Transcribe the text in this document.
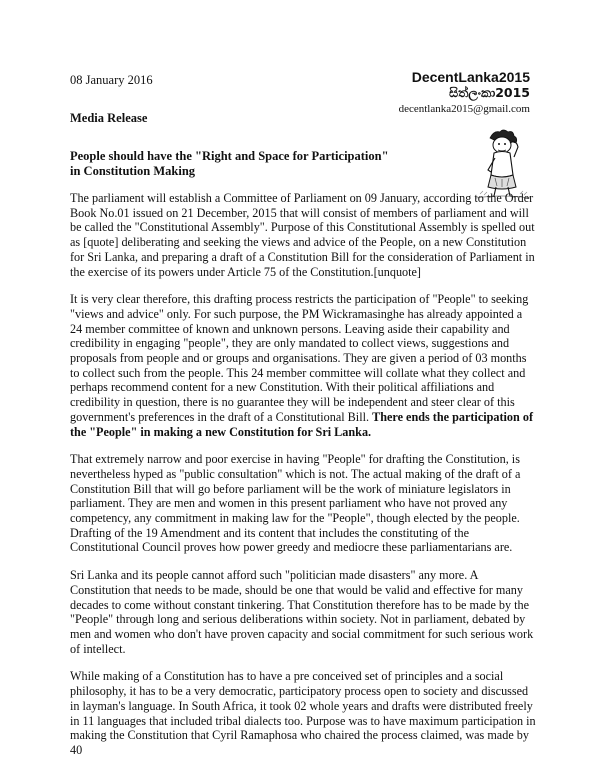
08 January 2016	DecentLanka2015
සිත්ලංකා2015
decentlanka2015@gmail.com
Media Release
People should have the "Right and Space for Participation"
in Constitution Making

The parliament will establish a Committee of Parliament on 09 January, according to the Order Book No.01 issued on 21 December, 2015 that will consist of members of parliament and will be called the "Constitutional Assembly". Purpose of this Constitutional Assembly is spelled out as [quote] deliberating and seeking the views and advice of the People, on a new Constitution for Sri Lanka, and preparing a draft of a Constitution Bill for the consideration of Parliament in the exercise of its powers under Article 75 of the Constitution.[unquote]

It is very clear therefore, this drafting process restricts the participation of "People" to seeking "views and advice" only. For such purpose, the PM Wickramasinghe has already appointed a 24 member committee of known and unknown persons. Leaving aside their capability and credibility in engaging "people", they are only mandated to collect views, suggestions and proposals from people and or groups and organisations. They are given a period of 03 months to collect such from the people. This 24 member committee will collate what they collect and perhaps recommend content for a new Constitution. With their political affiliations and credibility in question, there is no guarantee they will be independent and steer clear of this government's preferences in the draft of a Constitutional Bill. There ends the participation of the "People" in making a new Constitution for Sri Lanka.

That extremely narrow and poor exercise in having "People" for drafting the Constitution, is nevertheless hyped as "public consultation" which is not. The actual making of the draft of a Constitution Bill that will go before parliament will be the work of miniature legislators in parliament. They are men and women in this present parliament who have not proved any competency, any commitment in making law for the "People", though elected by the people. Drafting of the 19 Amendment and its content that includes the constituting of the Constitutional Council proves how power greedy and mediocre these parliamentarians are.

Sri Lanka and its people cannot afford such "politician made disasters" any more. A Constitution that needs to be made, should be one that would be valid and effective for many decades to come without constant tinkering. That Constitution therefore has to be made by the "People" through long and serious deliberations within society. Not in parliament, debated by men and women who don't have proven capacity and social commitment for such serious work of intellect.

While making of a Constitution has to have a pre conceived set of principles and a social philosophy, it has to be a very democratic, participatory process open to society and discussed in layman's language. In South Africa, it took 02 whole years and drafts were distributed freely in 11 languages that included tribal dialects too. Purpose was to have maximum participation in making the Constitution that Cyril Ramaphosa who chaired the process claimed, was made by 40
